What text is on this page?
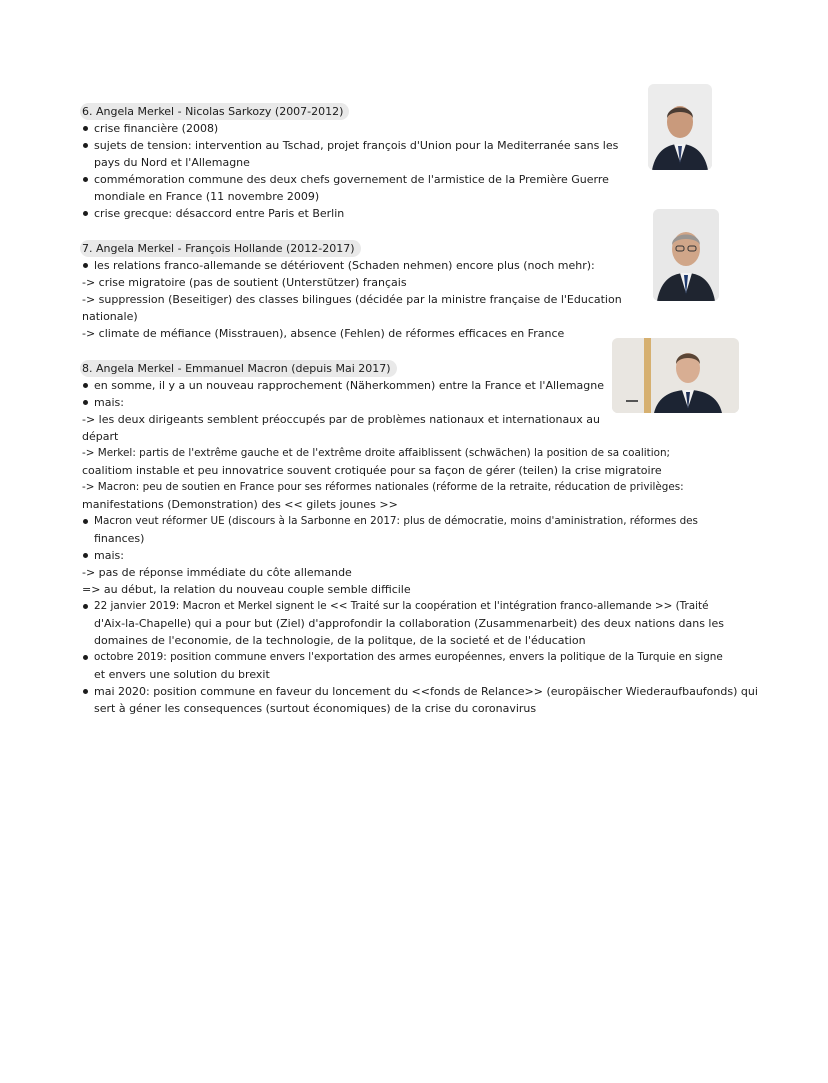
6. Angela Merkel - Nicolas Sarkozy (2007-2012)
crise financière (2008)
sujets de tension: intervention au Tschad, projet françois d'Union pour la Mediterranée sans les
pays du Nord et l'Allemagne
commémoration commune des deux chefs governement de l'armistice de la Première Guerre
mondiale en France (11 novembre 2009)
crise grecque: désaccord entre Paris et Berlin
7. Angela Merkel - François Hollande (2012-2017)
les relations franco-allemande se détériovent (Schaden nehmen) encore plus (noch mehr):
-> crise migratoire (pas de soutient (Unterstützer) français
-> suppression (Beseitiger) des classes bilingues (décidée par la ministre française de l'Education
nationale)
-> climate de méfiance (Misstrauen), absence (Fehlen) de réformes efficaces en France
8. Angela Merkel - Emmanuel Macron (depuis Mai 2017)
en somme, il y a un nouveau rapprochement (Näherkommen) entre la France et l'Allemagne
mais:
-> les deux dirigeants semblent préoccupés par de problèmes nationaux et internationaux au
départ
-> Merkel: partis de l'extrême gauche et de l'extrême droite affaiblissent (schwächen) la position de sa coalition;
coalitiom instable et peu innovatrice souvent crotiquée pour sa façon de gérer (teilen) la crise migratoire
-> Macron: peu de soutien en France pour ses réformes nationales (réforme de la retraite, réducation de privilèges:
manifestations (Demonstration) des << gilets jounes >>
Macron veut réformer UE (discours à la Sarbonne en 2017: plus de démocratie, moins d'aministration, réformes des
finances)
mais:
-> pas de réponse immédiate du côte allemande
=> au début, la relation du nouveau couple semble difficile
22 janvier 2019: Macron et Merkel signent le << Traité sur la coopération et l'intégration franco-allemande >> (Traité
d'Aix-la-Chapelle) qui a pour but (Ziel) d'approfondir la collaboration (Zusammenarbeit) des deux nations dans les
domaines de l'economie, de la technologie, de la politque, de la societé et de l'éducation
octobre 2019: position commune envers l'exportation des armes européennes, envers la politique de la Turquie en signe
et envers une solution du brexit
mai 2020: position commune en faveur du loncement du <<fonds de Relance>> (europäischer Wiederaufbaufonds) qui
sert à géner les consequences (surtout économiques) de la crise du coronavirus
